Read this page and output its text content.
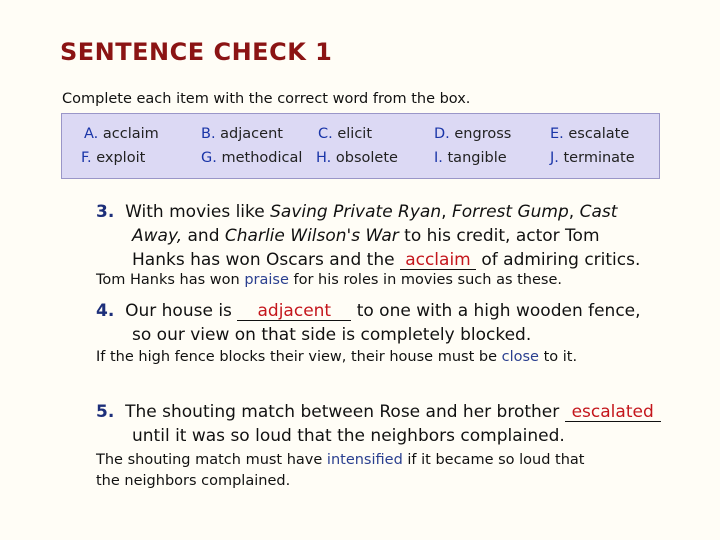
SENTENCE CHECK 1
Complete each item with the correct word from the box.
A. acclaim	B. adjacent C. elicit	D. engross	E. escalate
F. exploit	G. methodical H. obsolete I. tangible	J. terminate
3. With movies like Saving Private Ryan, Forrest Gump, Cast
Away, and Charlie Wilson's War to his credit, actor Tom
Hanks has won Oscars and the acclaim of admiring critics.
Tom Hanks has won praise for his roles in movies such as these.
4. Our house is adjacent to one with a high wooden fence,
so our view on that side is completely blocked.
If the high fence blocks their view, their house must be close to it.
5. The shouting match between Rose and her brother escalated
until it was so loud that the neighbors complained.
The shouting match must have intensified if it became so loud that
the neighbors complained.
